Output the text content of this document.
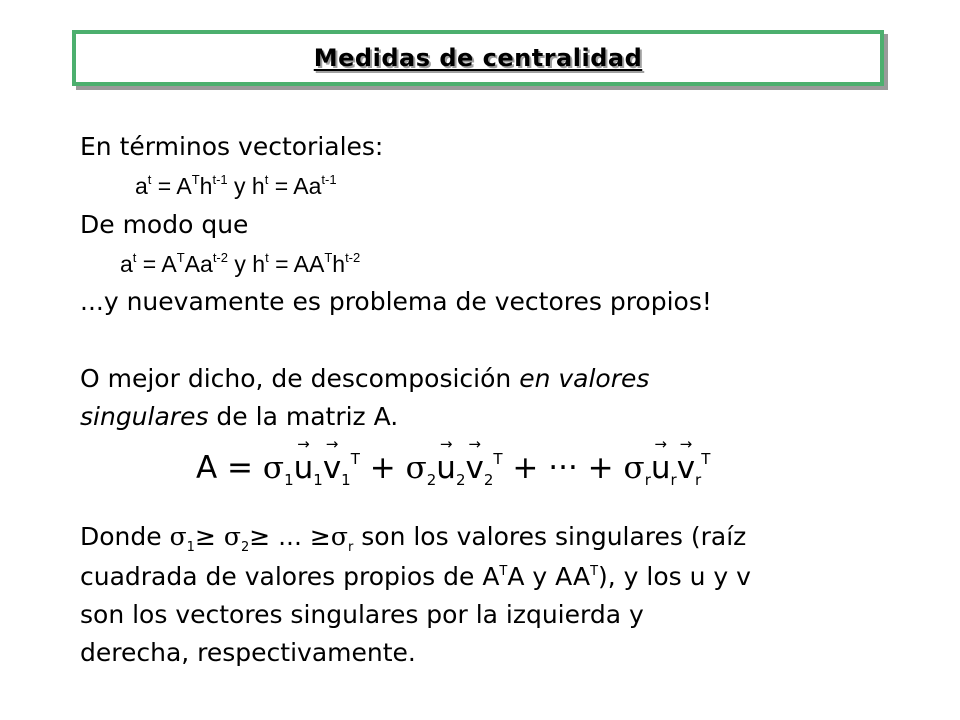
Medidas de centralidad
En términos vectoriales:
$a^t = A^Th^{t-1}$ y $h^t = Aa^{t-1}$
De modo que
$a^t = A^TAa^{t-2}$ y $h^t = AA^Th^{t-2}$
...y nuevamente es problema de vectores propios!
O mejor dicho, de descomposición en valores
singulares de la matriz A.
$A = \sigma_1\to u_1\to v_1^T + \sigma_2\to u_2\to v_2^T$ + ··· + $\sigma_r\to u_r\to v_r^T$
Donde $\sigma_1\ge \sigma_2\ge$ ... $\ge\sigma_r$ son los valores singulares (raíz
cuadrada de valores propios de $A^TA$ y $AA^T$), y los u y v
son los vectores singulares por la izquierda y
derecha, respectivamente.
